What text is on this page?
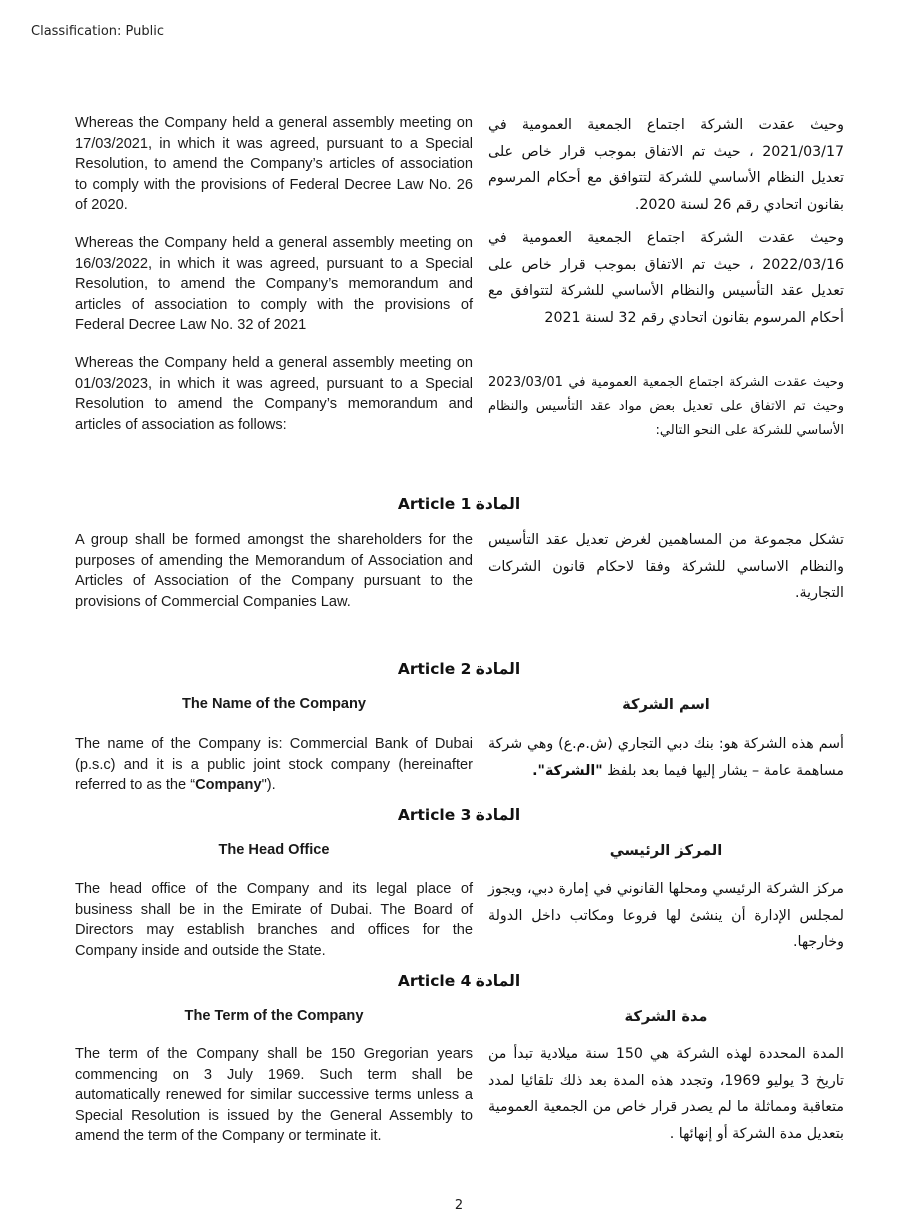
Classification: Public

Whereas the Company held a general assembly meeting on 17/03/2021, in which it was agreed, pursuant to a Special Resolution, to amend the Company’s articles of association to comply with the provisions of Federal Decree Law No. 26 of 2020.

وحيث عقدت الشركة اجتماع الجمعية العمومية في 2021/03/17 ، حيث تم الاتفاق بموجب قرار خاص على تعديل النظام الأساسي للشركة لتتوافق مع أحكام المرسوم بقانون اتحادي رقم 26 لسنة 2020.

Whereas the Company held a general assembly meeting on 16/03/2022, in which it was agreed, pursuant to a Special Resolution, to amend the Company’s memorandum and articles of association to comply with the provisions of Federal Decree Law No. 32 of 2021

وحيث عقدت الشركة اجتماع الجمعية العمومية في 2022/03/16 ، حيث تم الاتفاق بموجب قرار خاص على تعديل عقد التأسيس والنظام الأساسي للشركة لتتوافق مع أحكام المرسوم بقانون اتحادي رقم 32 لسنة 2021

Whereas the Company held a general assembly meeting on 01/03/2023, in which it was agreed, pursuant to a Special Resolution to amend the Company’s memorandum and articles of association as follows:

وحيث عقدت الشركة اجتماع الجمعية العمومية في 2023/03/01 وحيث تم الاتفاق على تعديل بعض مواد عقد التأسيس والنظام الأساسي للشركة على النحو التالي:

Article 1 المادة

A group shall be formed amongst the shareholders for the purposes of amending the Memorandum of Association and Articles of Association of the Company pursuant to the provisions of Commercial Companies Law.

تشكل مجموعة من المساهمين لغرض تعديل عقد التأسيس والنظام الاساسي للشركة وفقا لاحكام قانون الشركات التجارية.

Article 2 المادة
The Name of the Company	اسم الشركة

The name of the Company is: Commercial Bank of Dubai (p.s.c) and it is a public joint stock company (hereinafter referred to as the “Company").

أسم هذه الشركة هو: بنك دبي التجاري (ش.م.ع) وهي شركة مساهمة عامة – يشار إليها فيما بعد بلفظ "الشركة".

Article 3 المادة
The Head Office	المركز الرئيسي

The head office of the Company and its legal place of business shall be in the Emirate of Dubai. The Board of Directors may establish branches and offices for the Company inside and outside the State.

مركز الشركة الرئيسي ومحلها القانوني في إمارة دبي، ويجوز لمجلس الإدارة أن ينشئ لها فروعا ومكاتب داخل الدولة وخارجها.

Article 4 المادة
The Term of the Company	مدة الشركة

The term of the Company shall be 150 Gregorian years commencing on 3 July 1969. Such term shall be automatically renewed for similar successive terms unless a Special Resolution is issued by the General Assembly to amend the term of the Company or terminate it.

المدة المحددة لهذه الشركة هي 150 سنة ميلادية تبدأ من تاريخ 3 يوليو 1969، وتجدد هذه المدة بعد ذلك تلقائيا لمدد متعاقبة ومماثلة ما لم يصدر قرار خاص من الجمعية العمومية بتعديل مدة الشركة أو إنهائها .

2
